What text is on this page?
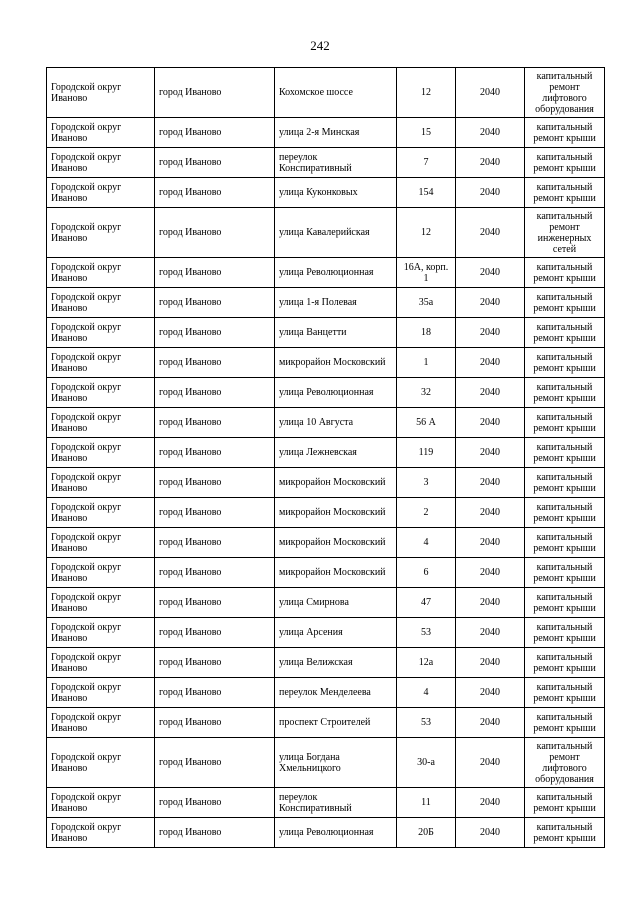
242
Городской округ Иваново	город Иваново	Кохомское шоссе	12	2040	капитальный ремонт лифтового оборудования
Городской округ Иваново	город Иваново	улица 2-я Минская	15	2040	капитальный ремонт крыши
Городской округ Иваново	город Иваново	переулок Конспиративный	7	2040	капитальный ремонт крыши
Городской округ Иваново	город Иваново	улица Куконковых	154	2040	капитальный ремонт крыши
Городской округ Иваново	город Иваново	улица Кавалерийская	12	2040	капитальный ремонт инженерных сетей
Городской округ Иваново	город Иваново	улица Революционная	16А, корп. 1	2040	капитальный ремонт крыши
Городской округ Иваново	город Иваново	улица 1-я Полевая	35а	2040	капитальный ремонт крыши
Городской округ Иваново	город Иваново	улица Ванцетти	18	2040	капитальный ремонт крыши
Городской округ Иваново	город Иваново	микрорайон Московский	1	2040	капитальный ремонт крыши
Городской округ Иваново	город Иваново	улица Революционная	32	2040	капитальный ремонт крыши
Городской округ Иваново	город Иваново	улица 10 Августа	56 А	2040	капитальный ремонт крыши
Городской округ Иваново	город Иваново	улица Лежневская	119	2040	капитальный ремонт крыши
Городской округ Иваново	город Иваново	микрорайон Московский	3	2040	капитальный ремонт крыши
Городской округ Иваново	город Иваново	микрорайон Московский	2	2040	капитальный ремонт крыши
Городской округ Иваново	город Иваново	микрорайон Московский	4	2040	капитальный ремонт крыши
Городской округ Иваново	город Иваново	микрорайон Московский	6	2040	капитальный ремонт крыши
Городской округ Иваново	город Иваново	улица Смирнова	47	2040	капитальный ремонт крыши
Городской округ Иваново	город Иваново	улица Арсения	53	2040	капитальный ремонт крыши
Городской округ Иваново	город Иваново	улица Велижская	12а	2040	капитальный ремонт крыши
Городской округ Иваново	город Иваново	переулок Менделеева	4	2040	капитальный ремонт крыши
Городской округ Иваново	город Иваново	проспект Строителей	53	2040	капитальный ремонт крыши
Городской округ Иваново	город Иваново	улица Богдана Хмельницкого	30-а	2040	капитальный ремонт лифтового оборудования
Городской округ Иваново	город Иваново	переулок Конспиративный	11	2040	капитальный ремонт крыши
Городской округ Иваново	город Иваново	улица Революционная	20Б	2040	капитальный ремонт крыши
